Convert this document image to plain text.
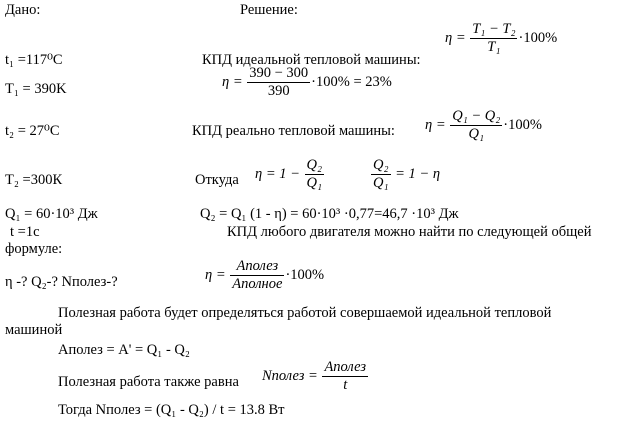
Дано:	Решение:
$\eta = \frac{\text{T₁ − T₂}}{\text{T₁}} \cdot 100\%$
t₁ =117⁰С	КПД идеальной тепловой машины:
T₁ = 390K	$\eta = \frac{390 - 300}{390} \cdot 100\% = 23\%$
t₂ = 27⁰С	КПД реально тепловой машины: $\eta = \frac{\text{Q₁ − Q₂}}{\text{Q₁}} \cdot 100\%$
T₂ =300К	Откуда $\eta = 1 - \frac{\text{Q₂}}{\text{Q₁}}$	$\frac{\text{Q₂}}{\text{Q₁}} = 1 - \eta$
Q₁ = 60·10³ Дж	Q₂ = Q₁ (1 - η) = 60·10³ ·0,77=46,7 ·10³ Дж
t =1c	КПД любого двигателя можно найти по следующей общей
формуле:
η -? Q₂-? Nполез-?	$\eta = \frac{\text{Aполез}}{\text{Aполное}} \cdot 100\%$
Полезная работа будет определяться работой совершаемой идеальной тепловой
машиной
Aполез = A' = Q₁ - Q₂
Полезная работа также равна Nполез = $\frac{\text{Aполез}}{t}$
Тогда Nполез = (Q₁ - Q₂) / t = 13.8 Вт
